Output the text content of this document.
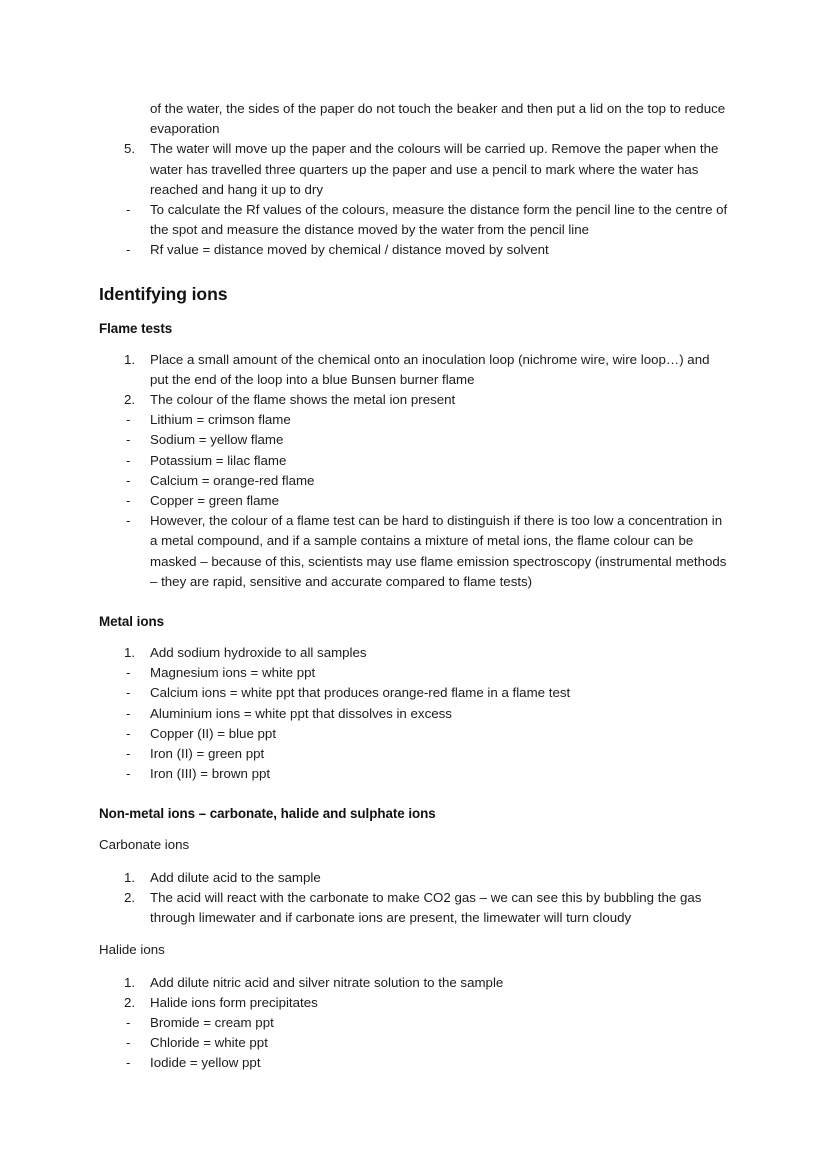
of the water, the sides of the paper do not touch the beaker and then put a lid on the top to reduce evaporation
5.	The water will move up the paper and the colours will be carried up. Remove the paper when the water has travelled three quarters up the paper and use a pencil to mark where the water has reached and hang it up to dry
-	To calculate the Rf values of the colours, measure the distance form the pencil line to the centre of the spot and measure the distance moved by the water from the pencil line
-	Rf value = distance moved by chemical / distance moved by solvent
Identifying ions
Flame tests
1.	Place a small amount of the chemical onto an inoculation loop (nichrome wire, wire loop…) and put the end of the loop into a blue Bunsen burner flame
2.	The colour of the flame shows the metal ion present
-	Lithium = crimson flame
-	Sodium = yellow flame
-	Potassium = lilac flame
-	Calcium = orange-red flame
-	Copper = green flame
-	However, the colour of a flame test can be hard to distinguish if there is too low a concentration in a metal compound, and if a sample contains a mixture of metal ions, the flame colour can be masked – because of this, scientists may use flame emission spectroscopy (instrumental methods – they are rapid, sensitive and accurate compared to flame tests)
Metal ions
1.	Add sodium hydroxide to all samples
-	Magnesium ions = white ppt
-	Calcium ions = white ppt that produces orange-red flame in a flame test
-	Aluminium ions = white ppt that dissolves in excess
-	Copper (II) = blue ppt
-	Iron (II) = green ppt
-	Iron (III) = brown ppt
Non-metal ions – carbonate, halide and sulphate ions

Carbonate ions

1.	Add dilute acid to the sample
2.	The acid will react with the carbonate to make CO2 gas – we can see this by bubbling the gas through limewater and if carbonate ions are present, the limewater will turn cloudy

Halide ions

1.	Add dilute nitric acid and silver nitrate solution to the sample
2.	Halide ions form precipitates
-	Bromide = cream ppt
-	Chloride = white ppt
-	Iodide = yellow ppt
